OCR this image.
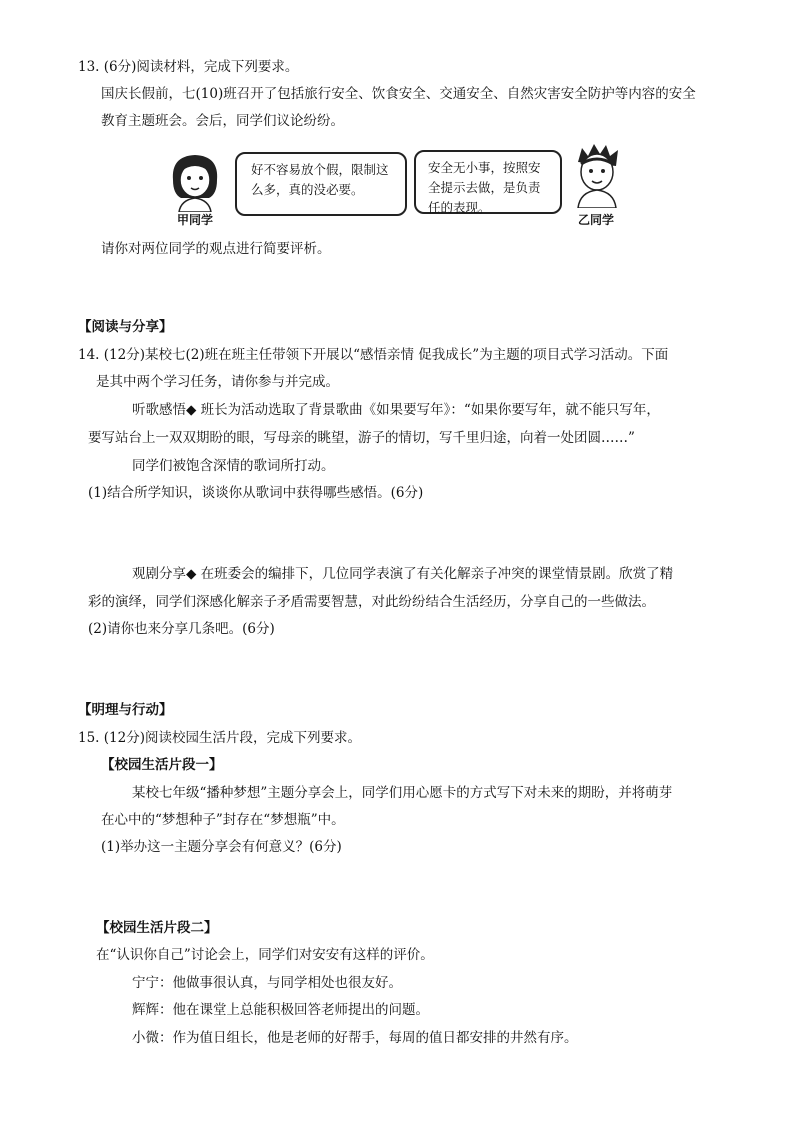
13. (6分)阅读材料，完成下列要求。
国庆长假前，七(10)班召开了包括旅行安全、饮食安全、交通安全、自然灾害安全防护等内容的安全
教育主题班会。会后，同学们议论纷纷。
好不容易放个假，限制这么多，真的没必要。
安全无小事，按照安全提示去做，是负责任的表现。
甲同学	乙同学
请你对两位同学的观点进行简要评析。
【阅读与分享】
14. (12分)某校七(2)班在班主任带领下开展以“感悟亲情 促我成长”为主题的项目式学习活动。下面
是其中两个学习任务，请你参与并完成。
听歌感悟◆ 班长为活动选取了背景歌曲《如果要写年》：“如果你要写年，就不能只写年，
要写站台上一双双期盼的眼，写母亲的眺望，游子的情切，写千里归途，向着一处团圆……”
同学们被饱含深情的歌词所打动。
(1)结合所学知识，谈谈你从歌词中获得哪些感悟。(6分)
观剧分享◆ 在班委会的编排下，几位同学表演了有关化解亲子冲突的课堂情景剧。欣赏了精
彩的演绎，同学们深感化解亲子矛盾需要智慧，对此纷纷结合生活经历，分享自己的一些做法。
(2)请你也来分享几条吧。(6分)
【明理与行动】
15. (12分)阅读校园生活片段，完成下列要求。
【校园生活片段一】
某校七年级“播种梦想”主题分享会上，同学们用心愿卡的方式写下对未来的期盼，并将萌芽
在心中的“梦想种子”封存在“梦想瓶”中。
(1)举办这一主题分享会有何意义？(6分)
【校园生活片段二】
在“认识你自己”讨论会上，同学们对安安有这样的评价。
宁宁：他做事很认真，与同学相处也很友好。
辉辉：他在课堂上总能积极回答老师提出的问题。
小微：作为值日组长，他是老师的好帮手，每周的值日都安排的井然有序。
